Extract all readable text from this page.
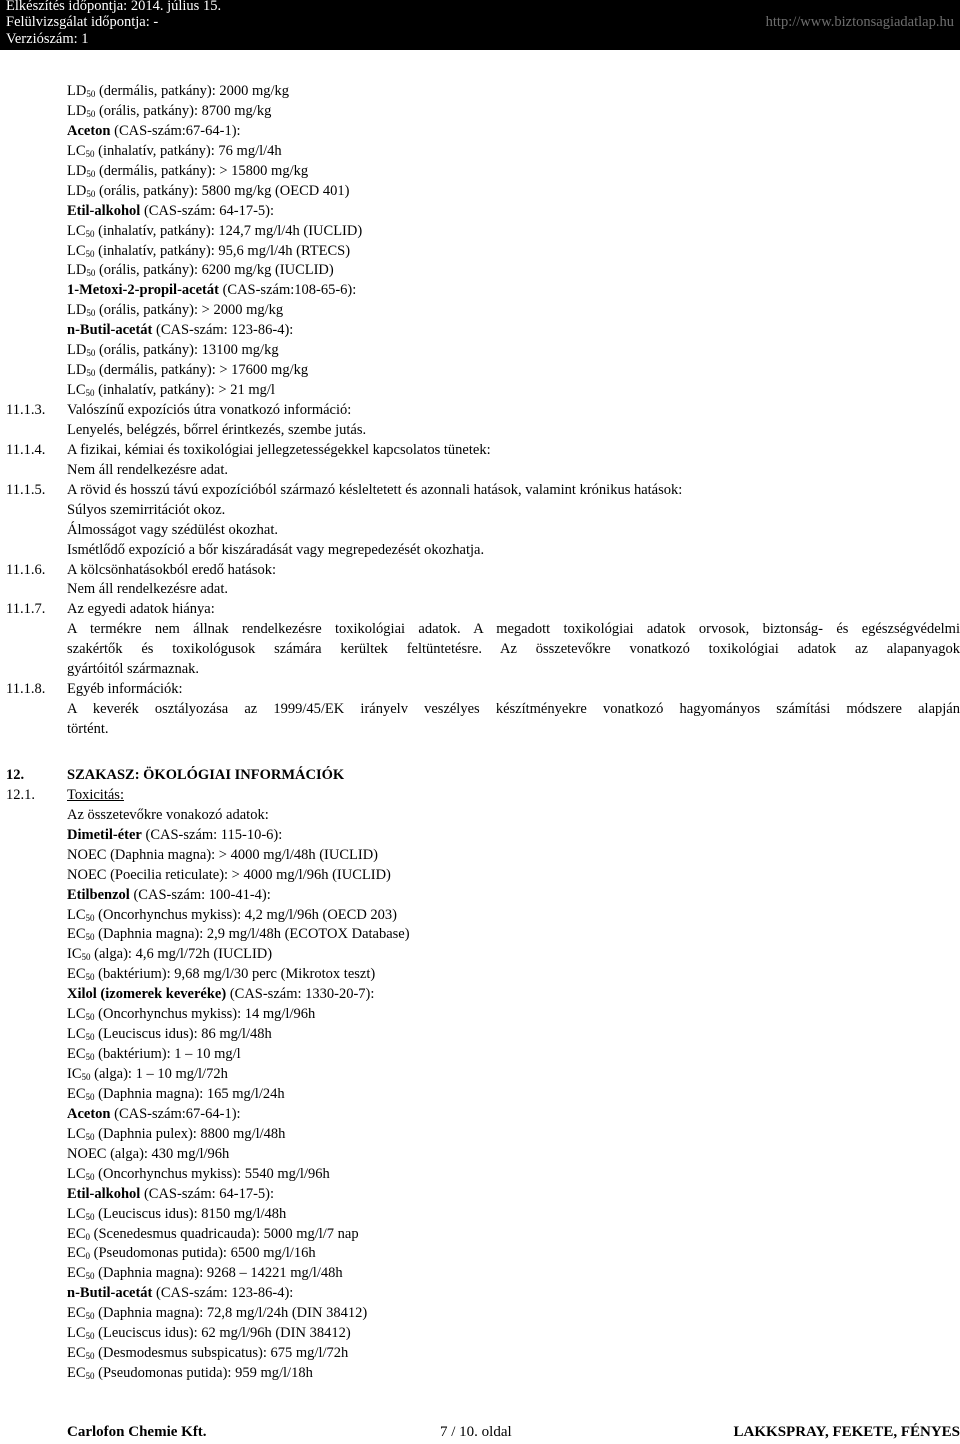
Elkészítés időpontja: 2014. július 15.
Felülvizsgálat időpontja: -
Verziószám: 1
http://www.biztonsagiadatlap.hu
$LD_{50}$ (dermális, patkány): 2000 mg/kg
$LD_{50}$ (orális, patkány): 8700 mg/kg
Aceton (CAS-szám:67-64-1):
$LC_{50}$ (inhalatív, patkány): 76 mg/l/4h
$LD_{50}$ (dermális, patkány): > 15800 mg/kg
$LD_{50}$ (orális, patkány): 5800 mg/kg (OECD 401)
Etil-alkohol (CAS-szám: 64-17-5):
$LC_{50}$ (inhalatív, patkány): 124,7 mg/l/4h (IUCLID)
$LC_{50}$ (inhalatív, patkány): 95,6 mg/l/4h (RTECS)
$LD_{50}$ (orális, patkány): 6200 mg/kg (IUCLID)
1-Metoxi-2-propil-acetát (CAS-szám:108-65-6):
$LD_{50}$ (orális, patkány): > 2000 mg/kg
n-Butil-acetát (CAS-szám: 123-86-4):
$LD_{50}$ (orális, patkány): 13100 mg/kg
$LD_{50}$ (dermális, patkány): > 17600 mg/kg
$LC_{50}$ (inhalatív, patkány): > 21 mg/l
11.1.3. Valószínű expozíciós útra vonatkozó információ:
Lenyelés, belégzés, bőrrel érintkezés, szembe jutás.
11.1.4. A fizikai, kémiai és toxikológiai jellegzetességekkel kapcsolatos tünetek:
Nem áll rendelkezésre adat.
11.1.5. A rövid és hosszú távú expozícióból származó késleltetett és azonnali hatások, valamint krónikus hatások:
Súlyos szemirritációt okoz.
Álmosságot vagy szédülést okozhat.
Ismétlődő expozíció a bőr kiszáradását vagy megrepedezését okozhatja.
11.1.6. A kölcsönhatásokból eredő hatások:
Nem áll rendelkezésre adat.
11.1.7. Az egyedi adatok hiánya:
A termékre nem állnak rendelkezésre toxikológiai adatok. A megadott toxikológiai adatok orvosok, biztonság- és egészségvédelmi
szakértők és toxikológusok számára kerültek feltüntetésre. Az összetevőkre vonatkozó toxikológiai adatok az alapanyagok
gyártóitól származnak.
11.1.8. Egyéb információk:
A keverék osztályozása az 1999/45/EK irányelv veszélyes készítményekre vonatkozó hagyományos számítási módszere alapján
történt.
12.	SZAKASZ: ÖKOLÓGIAI INFORMÁCIÓK
12.1. Toxicitás:
Az összetevőkre vonakozó adatok:
Dimetil-éter (CAS-szám: 115-10-6):
NOEC (Daphnia magna): > 4000 mg/l/48h (IUCLID)
NOEC (Poecilia reticulate): > 4000 mg/l/96h (IUCLID)
Etilbenzol (CAS-szám: 100-41-4):
$LC_{50}$ (Oncorhynchus mykiss): 4,2 mg/l/96h (OECD 203)
$EC_{50}$ (Daphnia magna): 2,9 mg/l/48h (ECOTOX Database)
$IC_{50}$ (alga): 4,6 mg/l/72h (IUCLID)
$EC_{50}$ (baktérium): 9,68 mg/l/30 perc (Mikrotox teszt)
Xilol (izomerek keveréke) (CAS-szám: 1330-20-7):
$LC_{50}$ (Oncorhynchus mykiss): 14 mg/l/96h
$LC_{50}$ (Leuciscus idus): 86 mg/l/48h
$EC_{50}$ (baktérium): 1 – 10 mg/l
$IC_{50}$ (alga): 1 – 10 mg/l/72h
$EC_{50}$ (Daphnia magna): 165 mg/l/24h
Aceton (CAS-szám:67-64-1):
$LC_{50}$ (Daphnia pulex): 8800 mg/l/48h
NOEC (alga): 430 mg/l/96h
$LC_{50}$ (Oncorhynchus mykiss): 5540 mg/l/96h
Etil-alkohol (CAS-szám: 64-17-5):
$LC_{50}$ (Leuciscus idus): 8150 mg/l/48h
$EC_0$ (Scenedesmus quadricauda): 5000 mg/l/7 nap
$EC_0$ (Pseudomonas putida): 6500 mg/l/16h
$EC_{50}$ (Daphnia magna): 9268 – 14221 mg/l/48h
n-Butil-acetát (CAS-szám: 123-86-4):
$EC_{50}$ (Daphnia magna): 72,8 mg/l/24h (DIN 38412)
$LC_{50}$ (Leuciscus idus): 62 mg/l/96h (DIN 38412)
$EC_{50}$ (Desmodesmus subspicatus): 675 mg/l/72h
$EC_{50}$ (Pseudomonas putida): 959 mg/l/18h
Carlofon Chemie Kft.	7 / 10. oldal	LAKKSPRAY, FEKETE, FÉNYES
